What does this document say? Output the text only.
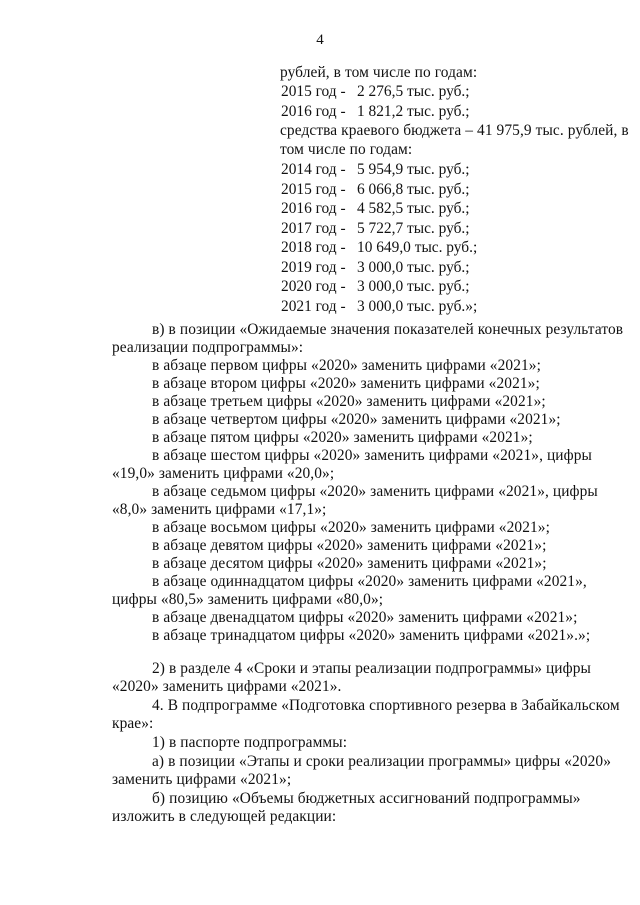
4
рублей, в том числе по годам:
2015 год - 2 276,5 тыс. руб.;
2016 год - 1 821,2 тыс. руб.;
средства краевого бюджета – 41 975,9 тыс. рублей, в
том числе по годам:
2014 год - 5 954,9 тыс. руб.;
2015 год - 6 066,8 тыс. руб.;
2016 год - 4 582,5 тыс. руб.;
2017 год - 5 722,7 тыс. руб.;
2018 год - 10 649,0 тыс. руб.;
2019 год - 3 000,0 тыс. руб.;
2020 год - 3 000,0 тыс. руб.;
2021 год - 3 000,0 тыс. руб.»;
в) в позиции «Ожидаемые значения показателей конечных результатов
реализации подпрограммы»:
в абзаце первом цифры «2020» заменить цифрами «2021»;
в абзаце втором цифры «2020» заменить цифрами «2021»;
в абзаце третьем цифры «2020» заменить цифрами «2021»;
в абзаце четвертом цифры «2020» заменить цифрами «2021»;
в абзаце пятом цифры «2020» заменить цифрами «2021»;
в абзаце шестом цифры «2020» заменить цифрами «2021», цифры
«19,0» заменить цифрами «20,0»;
в абзаце седьмом цифры «2020» заменить цифрами «2021», цифры
«8,0» заменить цифрами «17,1»;
в абзаце восьмом цифры «2020» заменить цифрами «2021»;
в абзаце девятом цифры «2020» заменить цифрами «2021»;
в абзаце десятом цифры «2020» заменить цифрами «2021»;
в абзаце одиннадцатом цифры «2020» заменить цифрами «2021»,
цифры «80,5» заменить цифрами «80,0»;
в абзаце двенадцатом цифры «2020» заменить цифрами «2021»;
в абзаце тринадцатом цифры «2020» заменить цифрами «2021».»;
2) в разделе 4 «Сроки и этапы реализации подпрограммы» цифры
«2020» заменить цифрами «2021».
4. В подпрограмме «Подготовка спортивного резерва в Забайкальском
крае»:
1) в паспорте подпрограммы:
а) в позиции «Этапы и сроки реализации программы» цифры «2020»
заменить цифрами «2021»;
б) позицию «Объемы бюджетных ассигнований подпрограммы»
изложить в следующей редакции:
